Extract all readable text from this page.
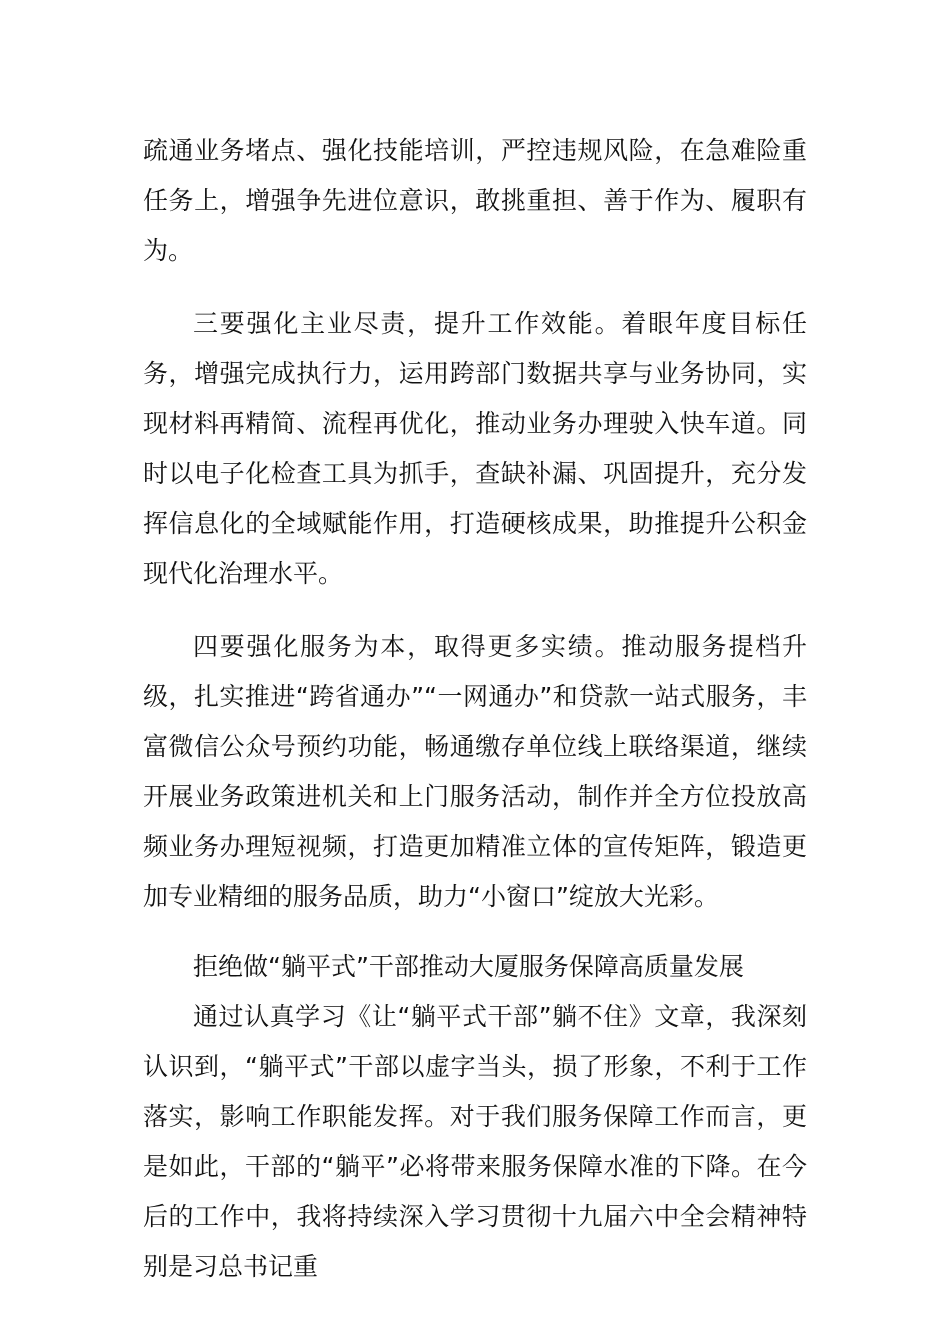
疏通业务堵点、强化技能培训，严控违规风险，在急难险重任务上，增强争先进位意识，敢挑重担、善于作为、履职有为。

三要强化主业尽责，提升工作效能。着眼年度目标任务，增强完成执行力，运用跨部门数据共享与业务协同，实现材料再精简、流程再优化，推动业务办理驶入快车道。同时以电子化检查工具为抓手，查缺补漏、巩固提升，充分发挥信息化的全域赋能作用，打造硬核成果，助推提升公积金现代化治理水平。

四要强化服务为本，取得更多实绩。推动服务提档升级，扎实推进“跨省通办”“一网通办”和贷款一站式服务，丰富微信公众号预约功能，畅通缴存单位线上联络渠道，继续开展业务政策进机关和上门服务活动，制作并全方位投放高频业务办理短视频，打造更加精准立体的宣传矩阵，锻造更加专业精细的服务品质，助力“小窗口”绽放大光彩。

拒绝做“躺平式”干部推动大厦服务保障高质量发展

通过认真学习《让“躺平式干部”躺不住》文章，我深刻认识到，“躺平式”干部以虚字当头，损了形象，不利于工作落实，影响工作职能发挥。对于我们服务保障工作而言，更是如此，干部的“躺平”必将带来服务保障水准的下降。在今后的工作中，我将持续深入学习贯彻十九届六中全会精神特别是习总书记重
